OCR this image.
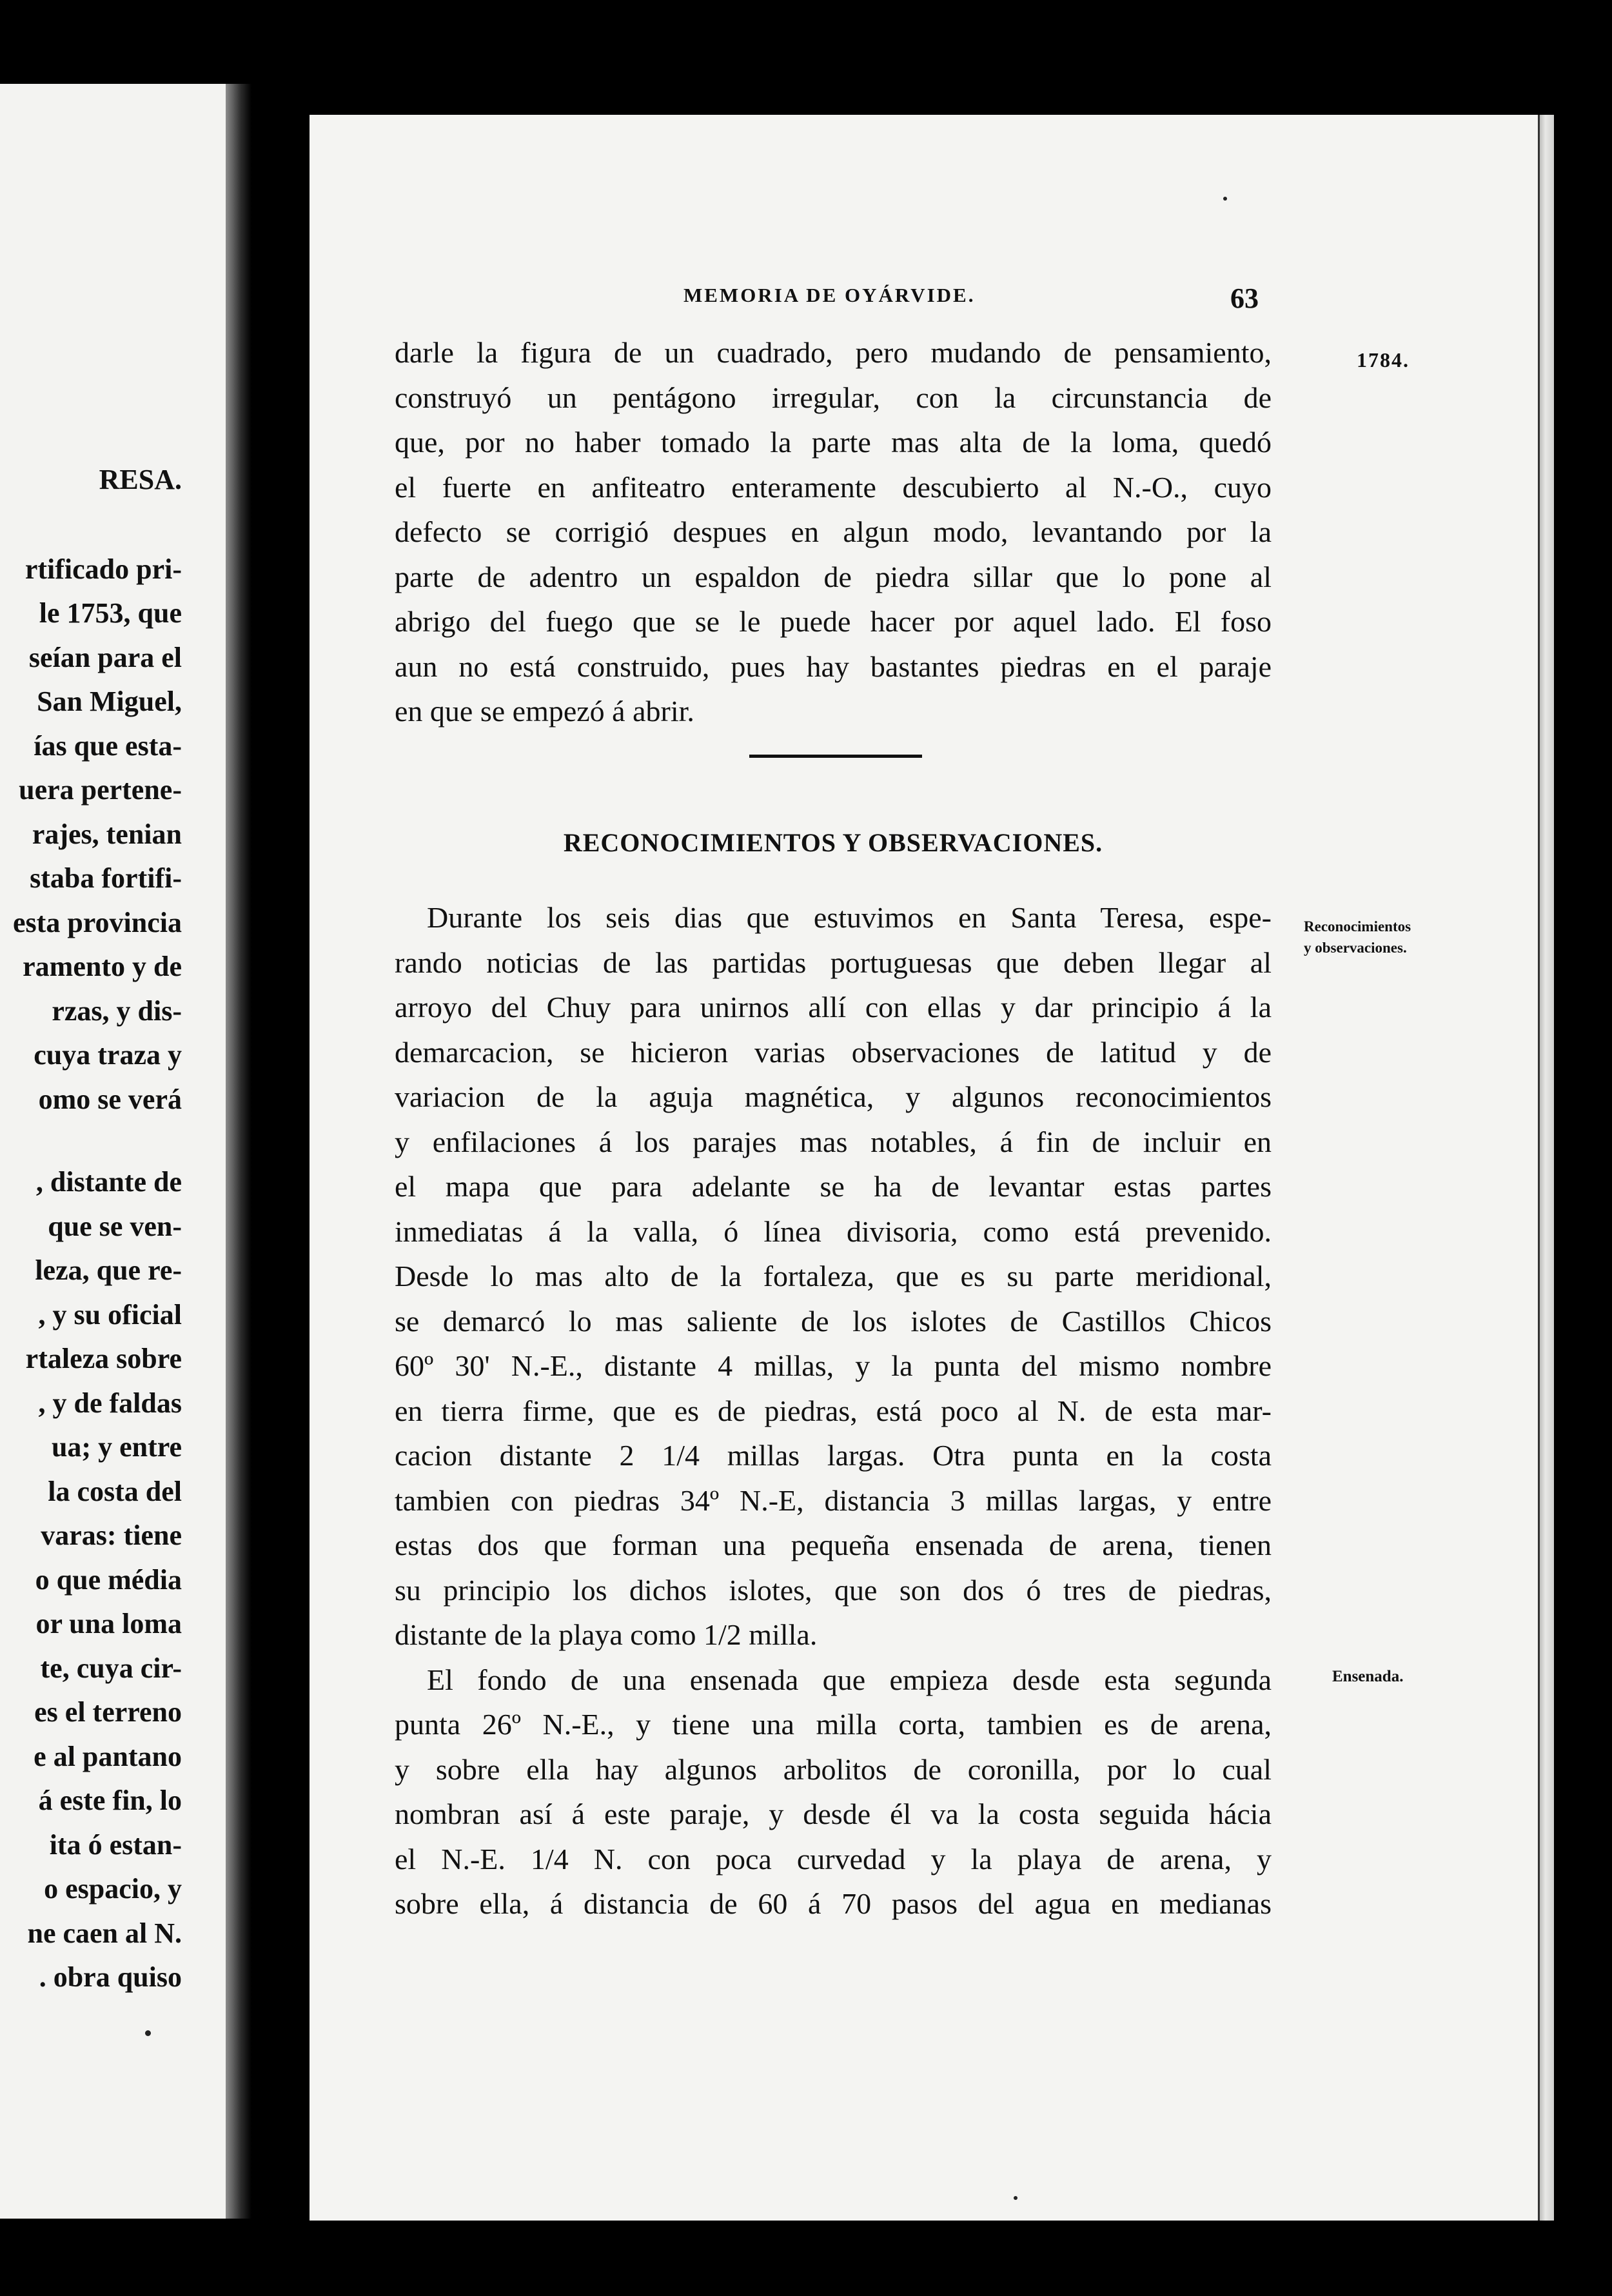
RESA.
rtificado pri-
le 1753, que
seían para el
San Miguel,
ías que esta-
uera pertene-
rajes, tenian
staba fortifi-
esta provincia
ramento y de
rzas, y dis-
cuya traza y
omo se verá
, distante de
que se ven-
leza, que re-
, y su oficial
rtaleza sobre
, y de faldas
ua; y entre
la costa del
varas: tiene
o que média
or una loma
te, cuya cir-
es el terreno
e al pantano
á este fin, lo
ita ó estan-
o espacio, y
ne caen al N.
. obra quiso
MEMORIA DE OYÁRVIDE.	63
1784.
darle la figura de un cuadrado, pero mudando de pensamiento,
construyó un pentágono irregular, con la circunstancia de
que, por no haber tomado la parte mas alta de la loma, quedó
el fuerte en anfiteatro enteramente descubierto al N.-O., cuyo
defecto se corrigió despues en algun modo, levantando por la
parte de adentro un espaldon de piedra sillar que lo pone al
abrigo del fuego que se le puede hacer por aquel lado. El foso
aun no está construido, pues hay bastantes piedras en el paraje
en que se empezó á abrir.
RECONOCIMIENTOS Y OBSERVACIONES.
Reconocimientos
y observaciones.
Durante los seis dias que estuvimos en Santa Teresa, espe-
rando noticias de las partidas portuguesas que deben llegar al
arroyo del Chuy para unirnos allí con ellas y dar principio á la
demarcacion, se hicieron varias observaciones de latitud y de
variacion de la aguja magnética, y algunos reconocimientos
y enfilaciones á los parajes mas notables, á fin de incluir en
el mapa que para adelante se ha de levantar estas partes
inmediatas á la valla, ó línea divisoria, como está prevenido.
Desde lo mas alto de la fortaleza, que es su parte meridional,
se demarcó lo mas saliente de los islotes de Castillos Chicos
60º 30' N.-E., distante 4 millas, y la punta del mismo nombre
en tierra firme, que es de piedras, está poco al N. de esta mar-
cacion distante 2 1/4 millas largas. Otra punta en la costa
tambien con piedras 34º N.-E, distancia 3 millas largas, y entre
estas dos que forman una pequeña ensenada de arena, tienen
su principio los dichos islotes, que son dos ó tres de piedras,
distante de la playa como 1/2 milla.
El fondo de una ensenada que empieza desde esta segunda
punta 26º N.-E., y tiene una milla corta, tambien es de arena,
y sobre ella hay algunos arbolitos de coronilla, por lo cual
nombran así á este paraje, y desde él va la costa seguida hácia
el N.-E. 1/4 N. con poca curvedad y la playa de arena, y
sobre ella, á distancia de 60 á 70 pasos del agua en medianas
Ensenada.
